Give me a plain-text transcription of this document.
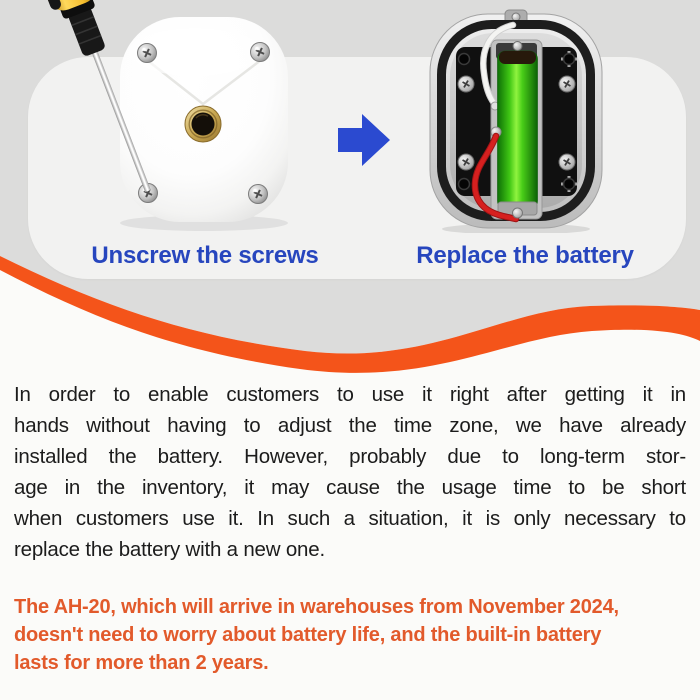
Unscrew the screws	Replace the battery
In order to enable customers to use it right after getting it in
hands without having to adjust the time zone, we have already
installed the battery. However, probably due to long-term stor-
age in the inventory, it may cause the usage time to be short
when customers use it. In such a situation, it is only necessary to
replace the battery with a new one.
The AH-20, which will arrive in warehouses from November 2024,
doesn't need to worry about battery life, and the built-in battery
lasts for more than 2 years.
